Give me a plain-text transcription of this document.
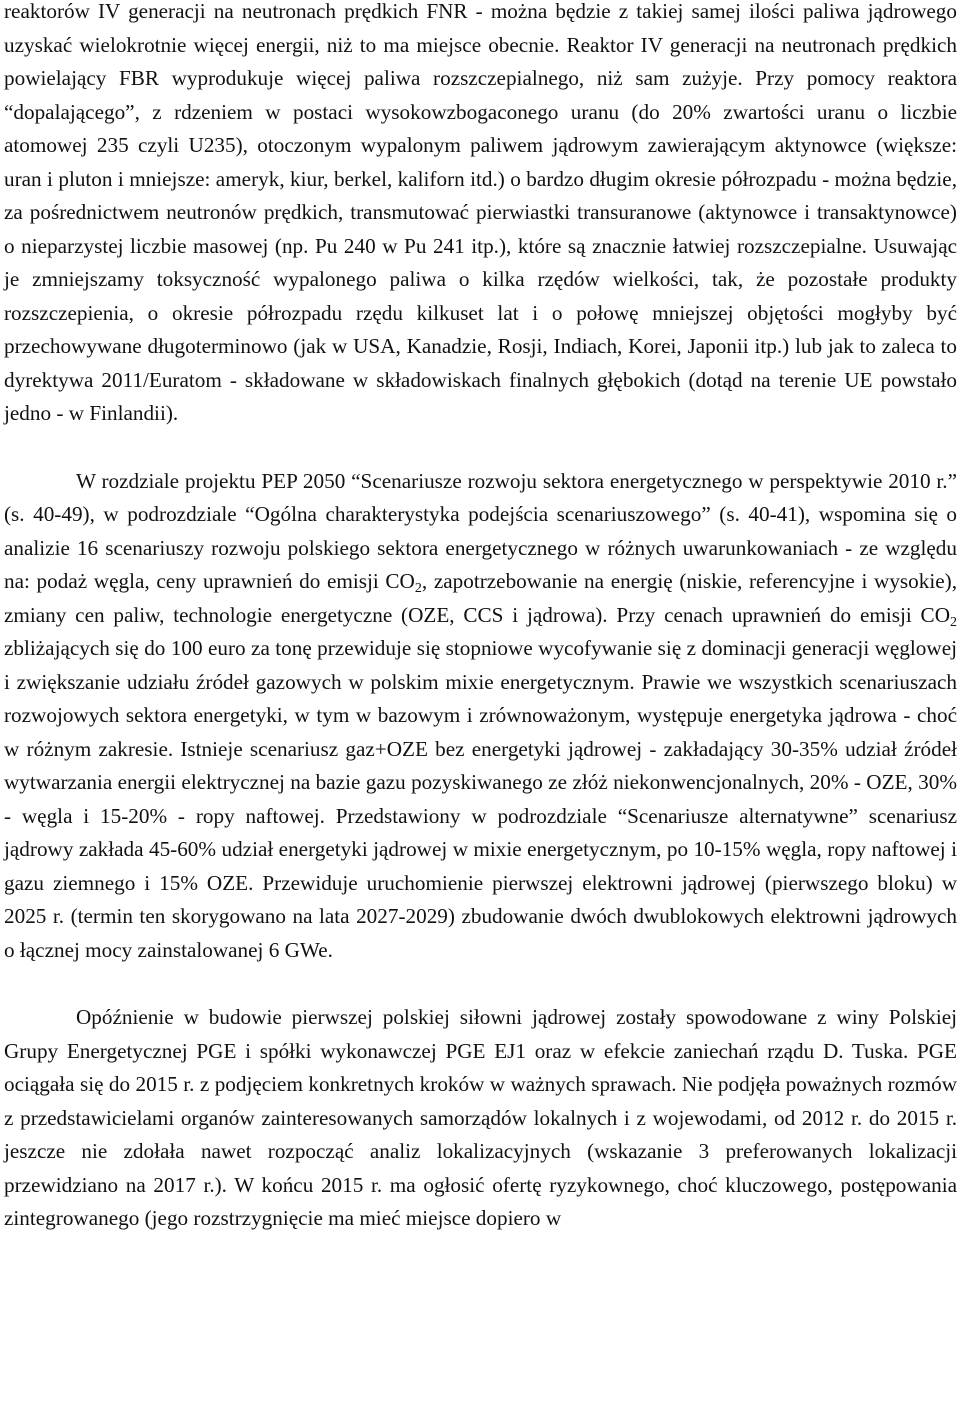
reaktorów IV generacji na neutronach prędkich FNR - można będzie z takiej samej ilości paliwa jądrowego uzyskać wielokrotnie więcej energii, niż to ma miejsce obecnie. Reaktor IV generacji na neutronach prędkich powielający FBR wyprodukuje więcej paliwa rozszczepialnego, niż sam zużyje. Przy pomocy reaktora “dopalającego”, z rdzeniem w postaci wysokowzbogaconego uranu (do 20% zwartości uranu o liczbie atomowej 235 czyli U235), otoczonym wypalonym paliwem jądrowym zawierającym aktynowce (większe: uran i pluton i mniejsze: ameryk, kiur, berkel, kaliforn itd.) o bardzo długim okresie półrozpadu - można będzie, za pośrednictwem neutronów prędkich, transmutować pierwiastki transuranowe (aktynowce i transaktynowce) o nieparzystej liczbie masowej (np. Pu 240 w Pu 241 itp.), które są znacznie łatwiej rozszczepialne. Usuwając je zmniejszamy toksyczność wypalonego paliwa o kilka rzędów wielkości, tak, że pozostałe produkty rozszczepienia, o okresie półrozpadu rzędu kilkuset lat i o połowę mniejszej objętości mogłyby być przechowywane długoterminowo (jak w USA, Kanadzie, Rosji, Indiach, Korei, Japonii itp.) lub jak to zaleca to dyrektywa 2011/Euratom - składowane w składowiskach finalnych głębokich (dotąd na terenie UE powstało jedno - w Finlandii).

W rozdziale projektu PEP 2050 “Scenariusze rozwoju sektora energetycznego w perspektywie 2010 r.” (s. 40-49), w podrozdziale “Ogólna charakterystyka podejścia scenariuszowego” (s. 40-41), wspomina się o analizie 16 scenariuszy rozwoju polskiego sektora energetycznego w różnych uwarunkowaniach - ze względu na: podaż węgla, ceny uprawnień do emisji $CO_2$, zapotrzebowanie na energię (niskie, referencyjne i wysokie), zmiany cen paliw, technologie energetyczne (OZE, CCS i jądrowa). Przy cenach uprawnień do emisji $CO_2$ zbliżających się do 100 euro za tonę przewiduje się stopniowe wycofywanie się z dominacji generacji węglowej i zwiększanie udziału źródeł gazowych w polskim mixie energetycznym. Prawie we wszystkich scenariuszach rozwojowych sektora energetyki, w tym w bazowym i zrównoważonym, występuje energetyka jądrowa - choć w różnym zakresie. Istnieje scenariusz gaz+OZE bez energetyki jądrowej - zakładający 30-35% udział źródeł wytwarzania energii elektrycznej na bazie gazu pozyskiwanego ze złóż niekonwencjonalnych, 20% - OZE, 30% - węgla i 15-20% - ropy naftowej. Przedstawiony w podrozdziale “Scenariusze alternatywne” scenariusz jądrowy zakłada 45-60% udział energetyki jądrowej w mixie energetycznym, po 10-15% węgla, ropy naftowej i gazu ziemnego i 15% OZE. Przewiduje uruchomienie pierwszej elektrowni jądrowej (pierwszego bloku) w 2025 r. (termin ten skorygowano na lata 2027-2029) zbudowanie dwóch dwublokowych elektrowni jądrowych o łącznej mocy zainstalowanej 6 GWe.

Opóźnienie w budowie pierwszej polskiej siłowni jądrowej zostały spowodowane z winy Polskiej Grupy Energetycznej PGE i spółki wykonawczej PGE EJ1 oraz w efekcie zaniechań rządu D. Tuska. PGE ociągała się do 2015 r. z podjęciem konkretnych kroków w ważnych sprawach. Nie podjęła poważnych rozmów z przedstawicielami organów zainteresowanych samorządów lokalnych i z wojewodami, od 2012 r. do 2015 r. jeszcze nie zdołała nawet rozpocząć analiz lokalizacyjnych (wskazanie 3 preferowanych lokalizacji przewidziano na 2017 r.). W końcu 2015 r. ma ogłosić ofertę ryzykownego, choć kluczowego, postępowania zintegrowanego (jego rozstrzygnięcie ma mieć miejsce dopiero w
